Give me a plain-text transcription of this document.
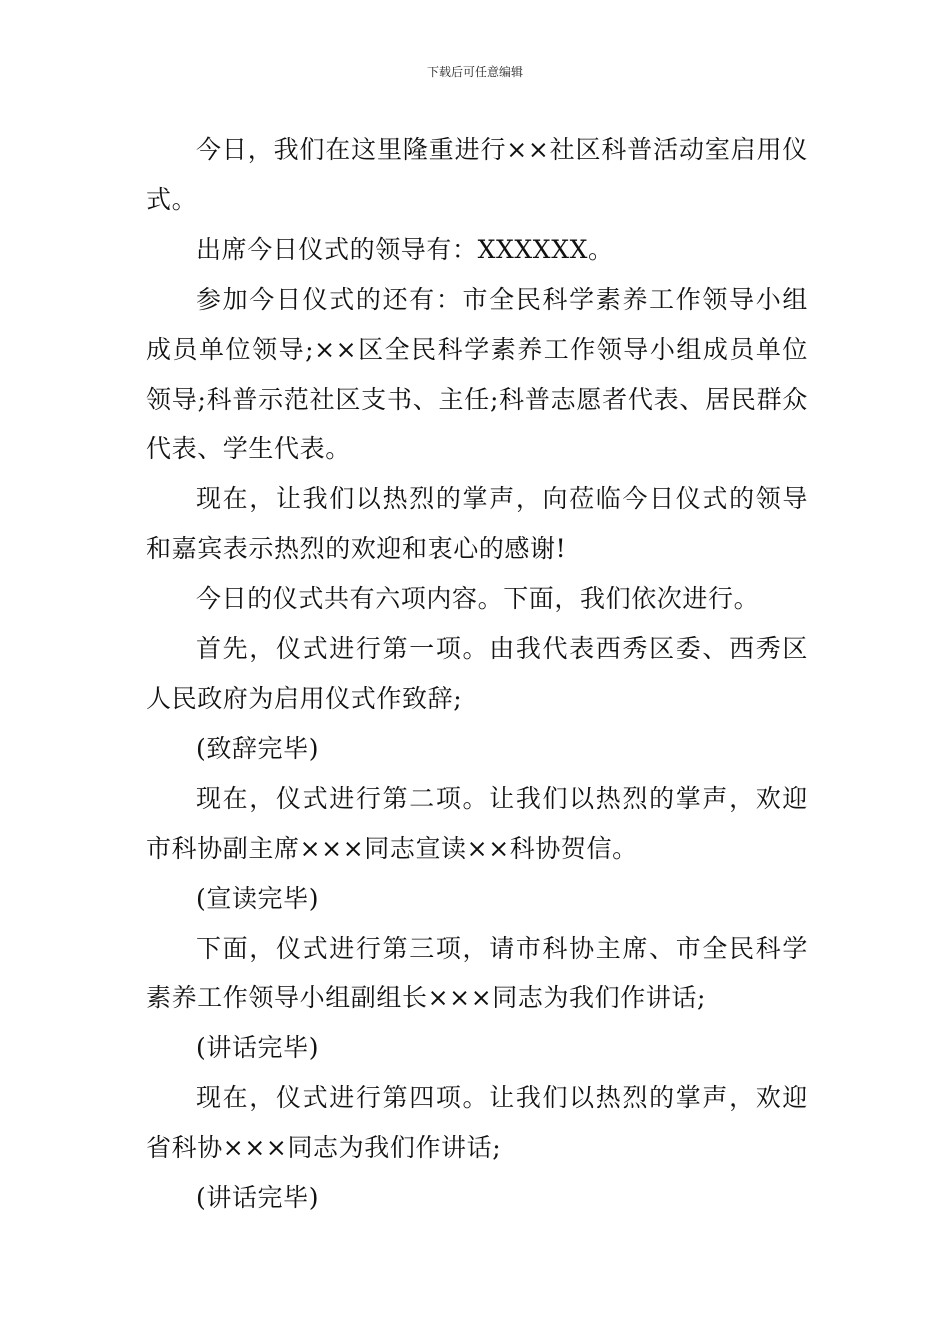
下载后可任意编辑

今日，我们在这里隆重进行××社区科普活动室启用仪式。

出席今日仪式的领导有：XXXXXX。

参加今日仪式的还有：市全民科学素养工作领导小组成员单位领导;××区全民科学素养工作领导小组成员单位领导;科普示范社区支书、主任;科普志愿者代表、居民群众代表、学生代表。

现在，让我们以热烈的掌声，向莅临今日仪式的领导和嘉宾表示热烈的欢迎和衷心的感谢!

今日的仪式共有六项内容。下面，我们依次进行。

首先，仪式进行第一项。由我代表西秀区委、西秀区人民政府为启用仪式作致辞;

(致辞完毕)

现在，仪式进行第二项。让我们以热烈的掌声，欢迎市科协副主席×××同志宣读××科协贺信。

(宣读完毕)

下面，仪式进行第三项，请市科协主席、市全民科学素养工作领导小组副组长×××同志为我们作讲话;

(讲话完毕)

现在，仪式进行第四项。让我们以热烈的掌声，欢迎省科协×××同志为我们作讲话;

(讲话完毕)
